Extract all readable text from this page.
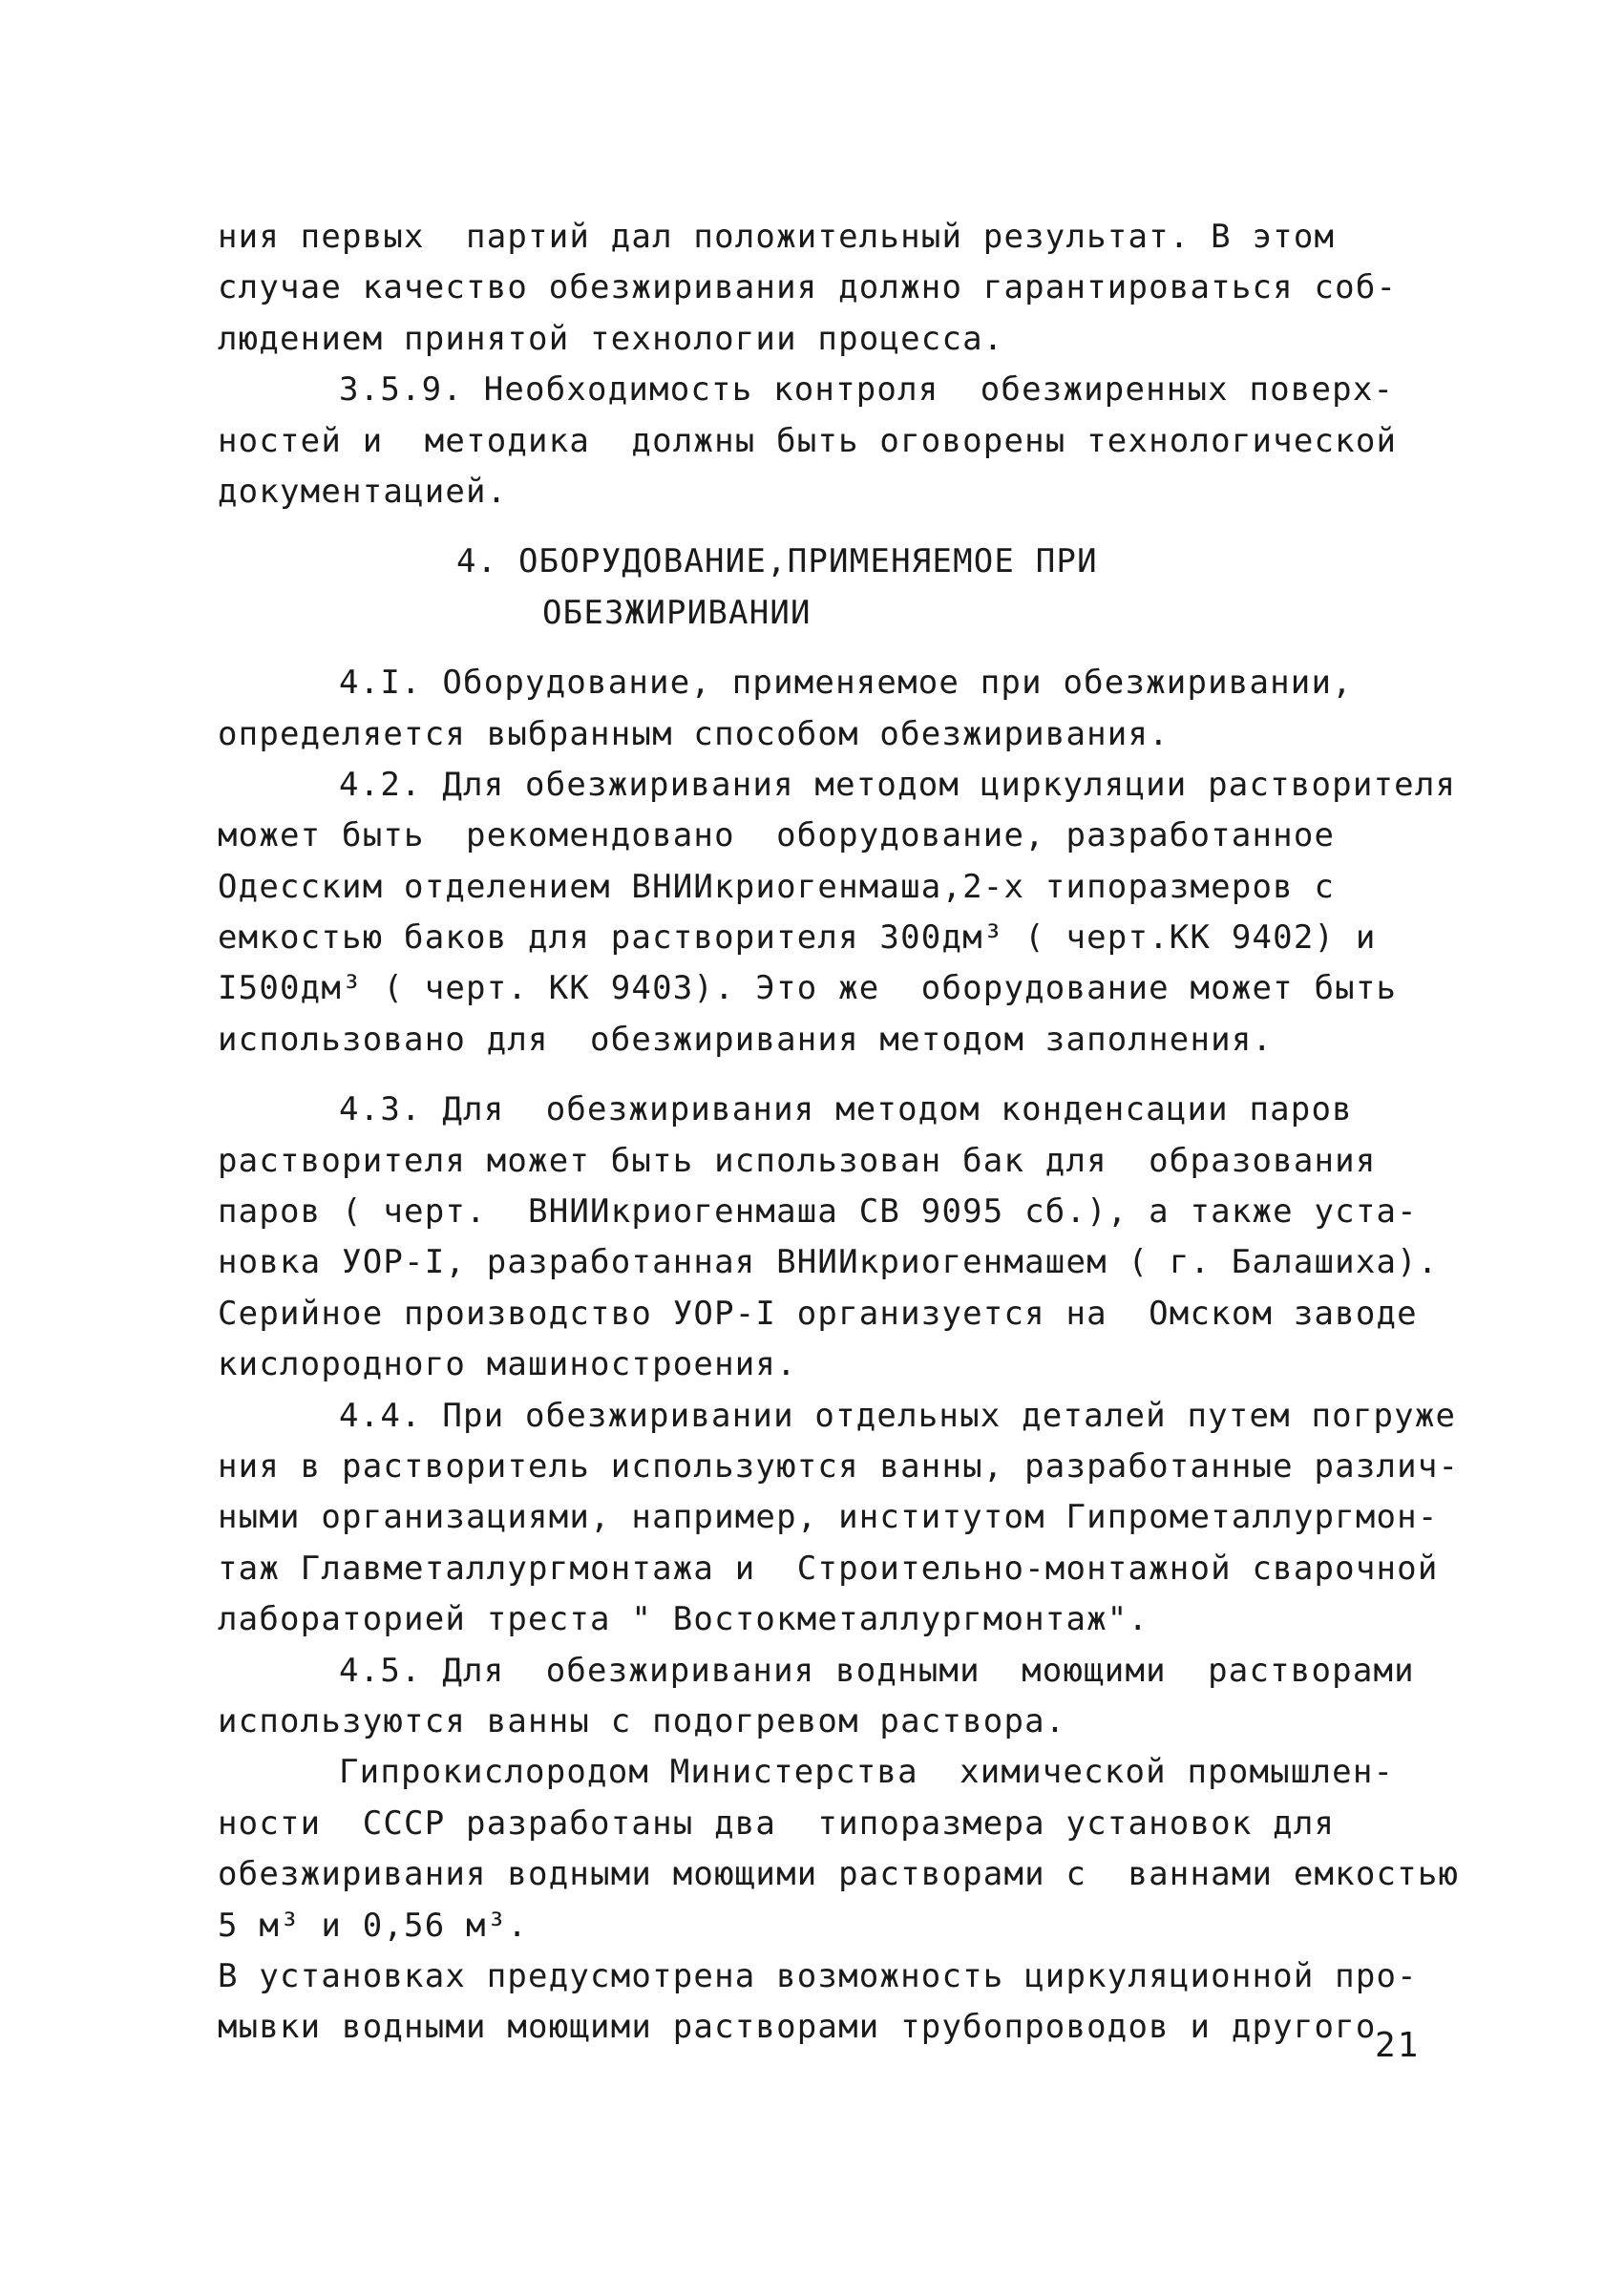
ния первых  партий дал положительный результат. В этом
случае качество обезжиривания должно гарантироваться соб-
людением принятой технологии процесса.
3.5.9. Необходимость контроля  обезжиренных поверх-
ностей и  методика  должны быть оговорены технологической
документацией.
4. ОБОРУДОВАНИЕ,ПРИМЕНЯЕМОЕ ПРИ
ОБЕЗЖИРИВАНИИ
4.I. Оборудование, применяемое при обезжиривании,
определяется выбранным способом обезжиривания.
4.2. Для обезжиривания методом циркуляции растворителя
может быть  рекомендовано  оборудование, разработанное
Одесским отделением ВНИИкриогенмаша,2-х типоразмеров с
емкостью баков для растворителя 300дм³ ( черт.КК 9402) и
I500дм³ ( черт. КК 9403). Это же  оборудование может быть
использовано для  обезжиривания методом заполнения.
4.3. Для  обезжиривания методом конденсации паров
растворителя может быть использован бак для  образования
паров ( черт.  ВНИИкриогенмаша СВ 9095 сб.), а также уста-
новка УОР-I, разработанная ВНИИкриогенмашем ( г. Балашиха).
Серийное производство УОР-I организуется на  Омском заводе
кислородного машиностроения.
4.4. При обезжиривании отдельных деталей путем погруже
ния в растворитель используются ванны, разработанные различ-
ными организациями, например, институтом Гипрометаллургмон-
таж Главметаллургмонтажа и  Строительно-монтажной сварочной
лабораторией треста " Востокметаллургмонтаж".
4.5. Для  обезжиривания водными  моющими  растворами
используются ванны с подогревом раствора.
Гипрокислородом Министерства  химической промышлен-
ности  СССР разработаны два  типоразмера установок для
обезжиривания водными моющими растворами с  ваннами емкостью
5 м³ и 0,56 м³.
В установках предусмотрена возможность циркуляционной про-
мывки водными моющими растворами трубопроводов и другого
21
